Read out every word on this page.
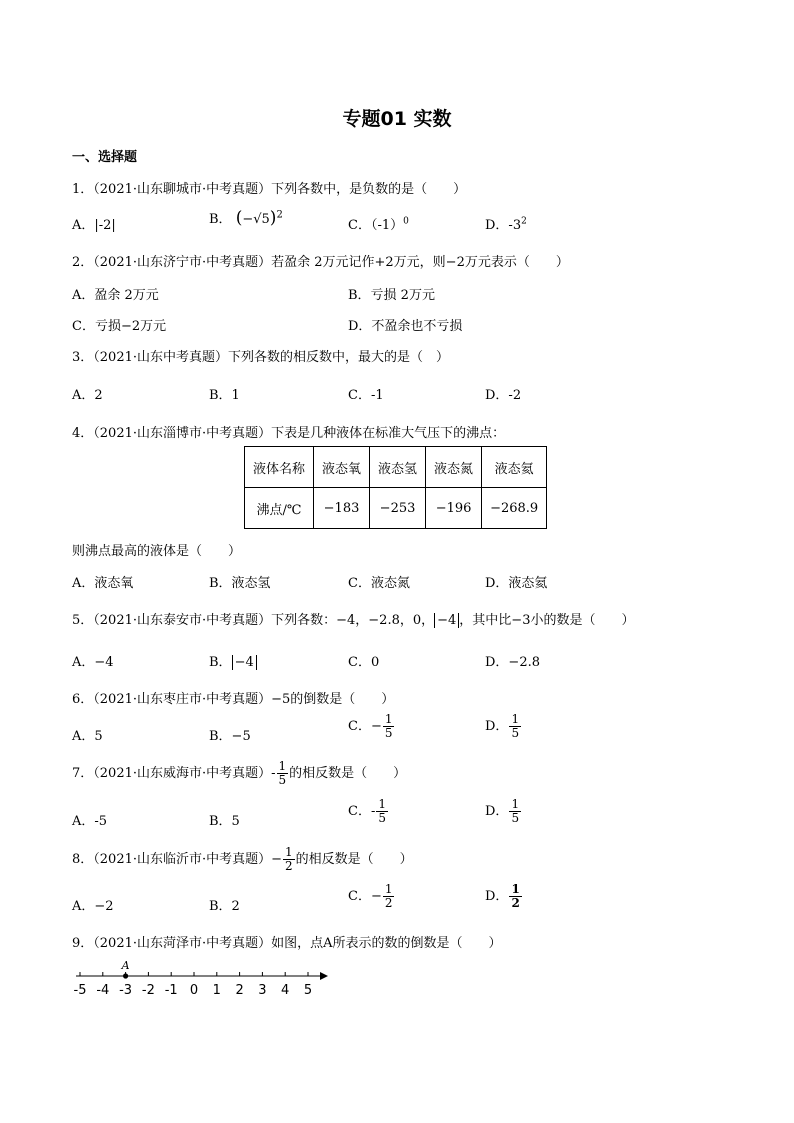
专题01 实数
一、选择题
1．（2021·山东聊城市·中考真题）下列各数中，是负数的是（　　）
A．|-2|	B． $(-√5)^2$
C．$(-1)^0$	D．$-3^2$
2．（2021·山东济宁市·中考真题）若盈余 2万元记作+2万元，则−2万元表示（　　）
A．盈余 2万元	B．亏损 2万元
C．亏损−2万元	D．不盈余也不亏损
3．（2021·山东中考真题）下列各数的相反数中，最大的是（　）
A．2	B．1	C．-1	D．-2
4．（2021·山东淄博市·中考真题）下表是几种液体在标准大气压下的沸点：
液体名称	液态氧	液态氢	液态氮	液态氦
沸点/℃	−183	−253	−196	−268.9
则沸点最高的液体是（　　）
A．液态氧	B．液态氢	C．液态氮	D．液态氦
5．（2021·山东泰安市·中考真题）下列各数：−4，−2.8，0， −4 ，其中比−3小的数是（　　）
A．−4	B． −4	C．0	D．−2.8
6．（2021·山东枣庄市·中考真题）−5的倒数是（　　）
A．5	B．−5
C．− $\frac{1}{5}$	D． $\frac{1}{5}$
7．（2021·山东威海市·中考真题）- $\frac{1}{5}$ 的相反数是（　　）
A．-5	B．5
C．- $\frac{1}{5}$	D． $\frac{1}{5}$
8．（2021·山东临沂市·中考真题）− $\frac{1}{2}$ 的相反数是（　　）
A．−2	B．2
C．− $\frac{1}{2}$	D． $\frac{1}{2}$
9．（2021·山东菏泽市·中考真题）如图，点A所表示的数的倒数是（　　）
-5 -4 -3 -2 -1 0 1 2 3 4 5
A
